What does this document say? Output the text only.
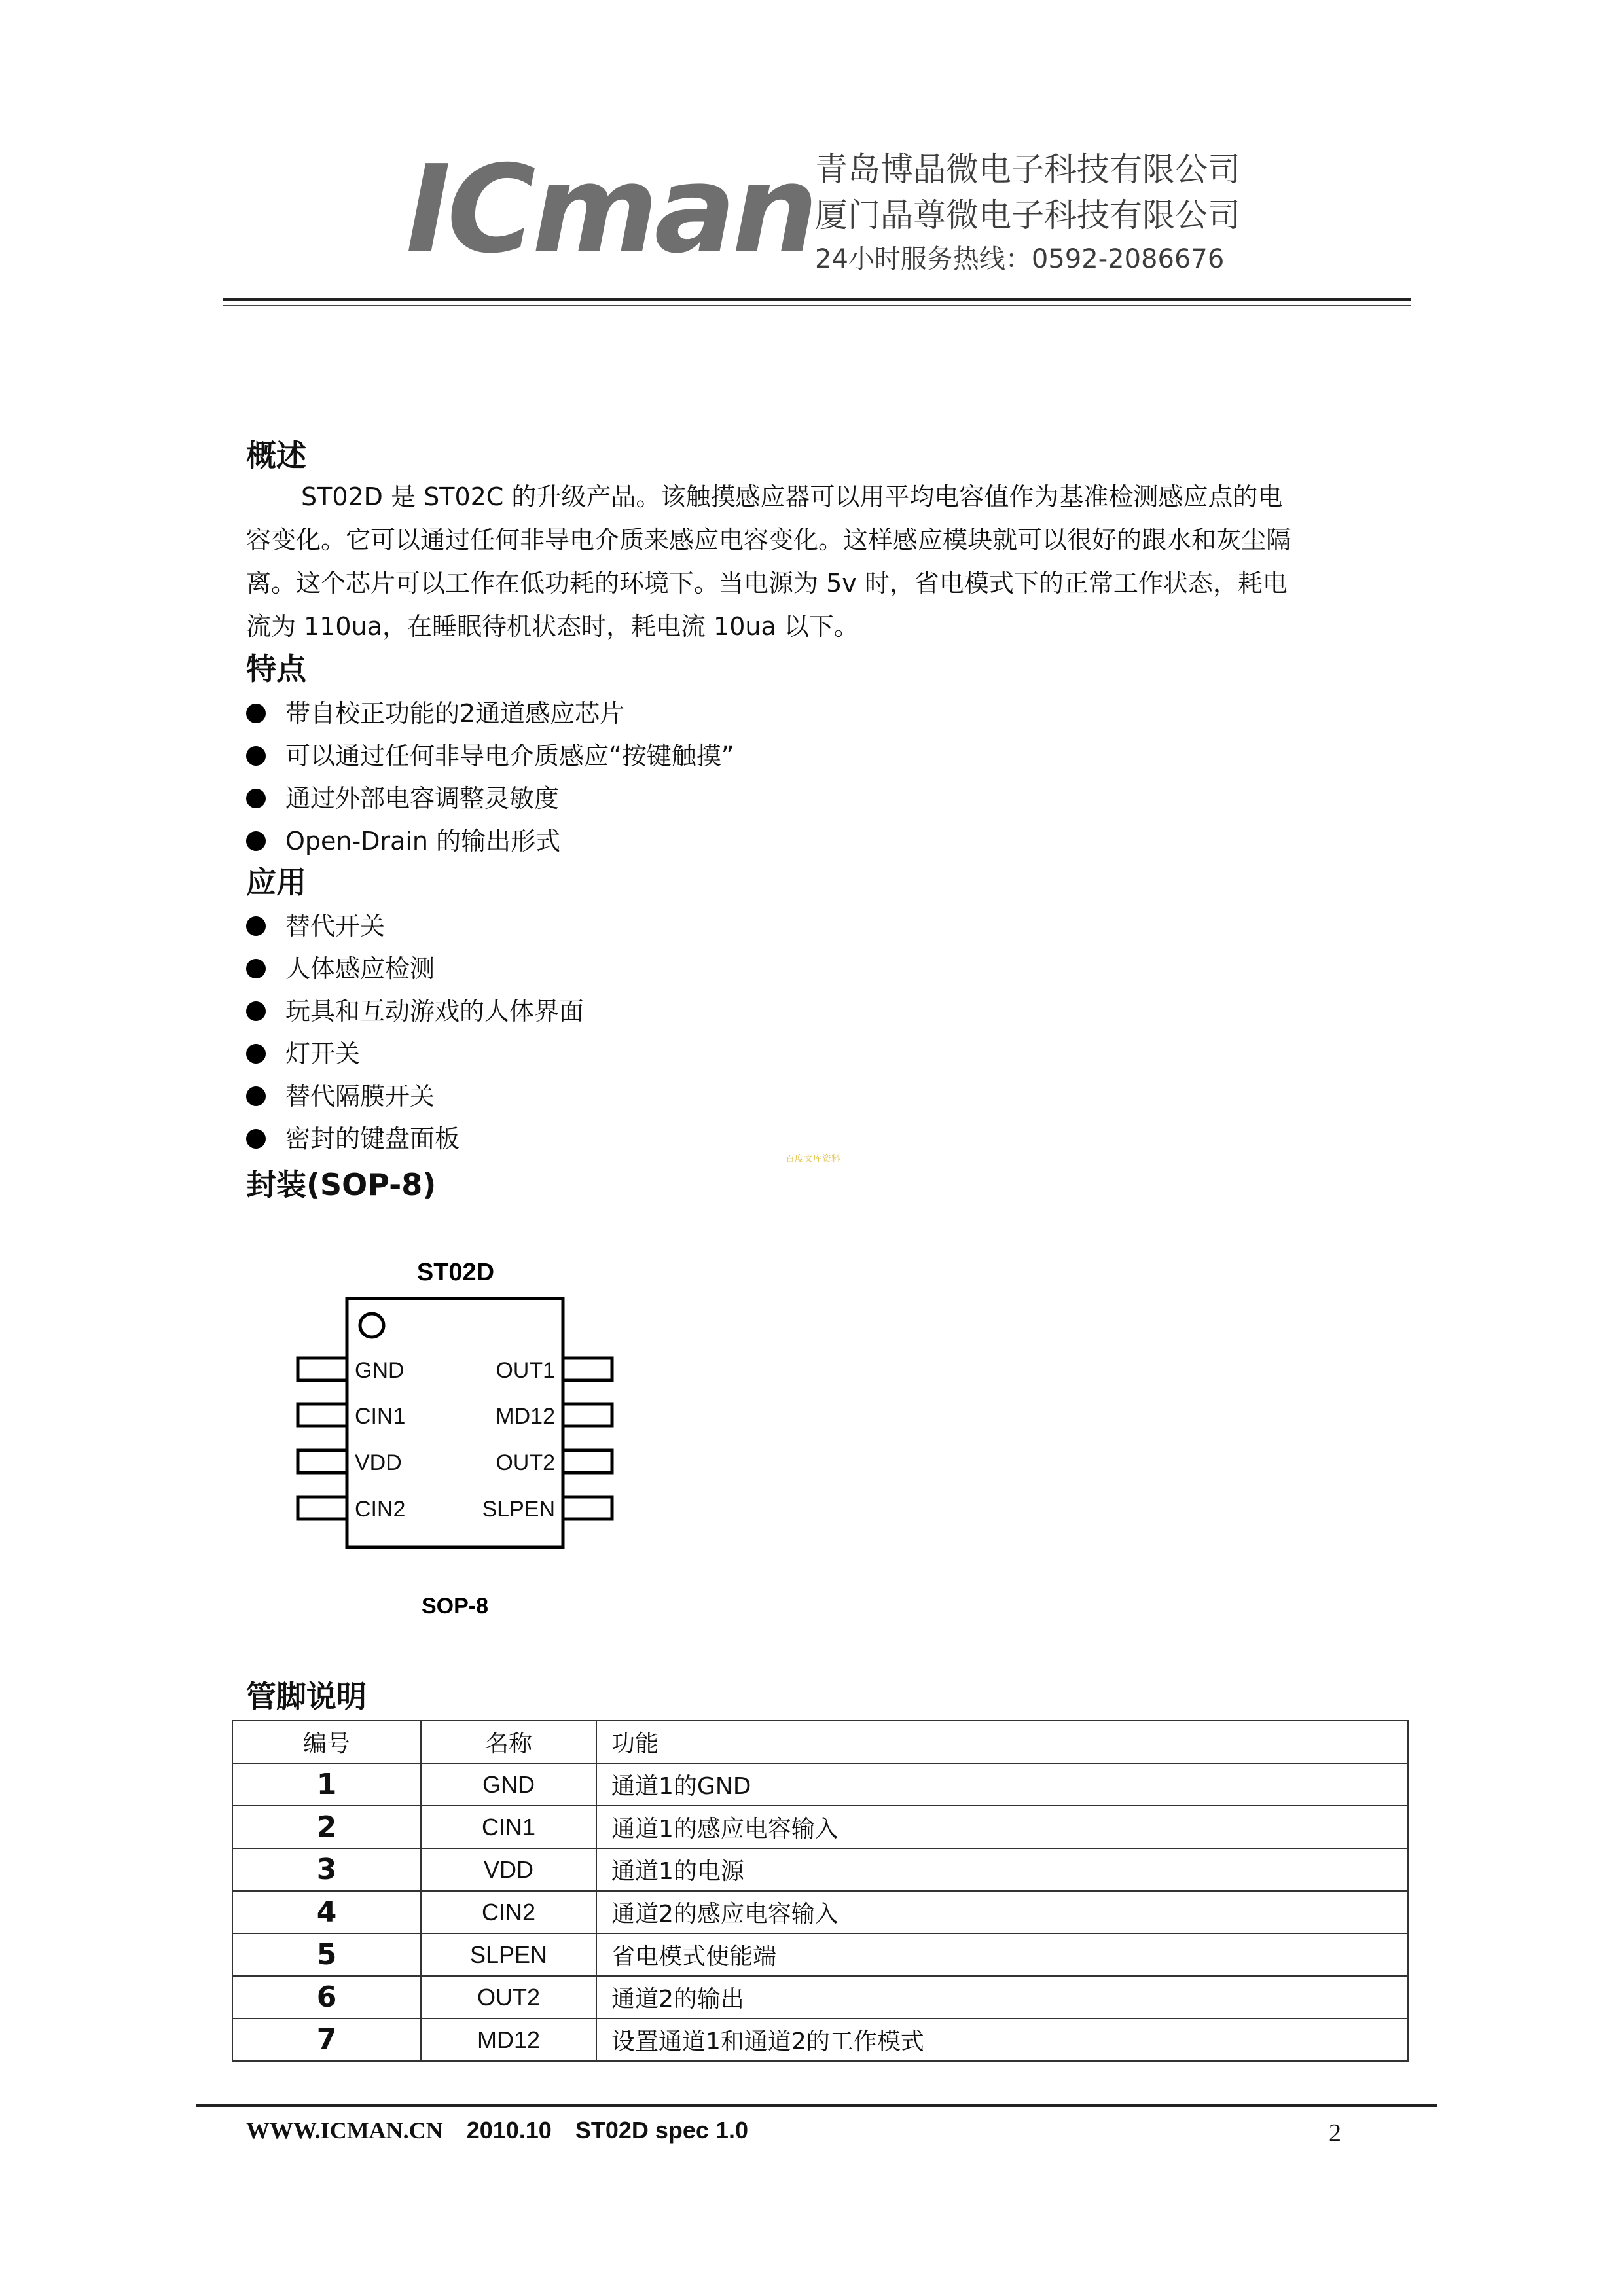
ICman 青岛博晶微电子科技有限公司
厦门晶尊微电子科技有限公司
24小时服务热线：0592-2086676
概述
ST02D 是 ST02C 的升级产品。该触摸感应器可以用平均电容值作为基准检测感应点的电
容变化。它可以通过任何非导电介质来感应电容变化。这样感应模块就可以很好的跟水和灰尘隔
离。这个芯片可以工作在低功耗的环境下。当电源为 5v 时，省电模式下的正常工作状态，耗电
流为 110ua，在睡眠待机状态时，耗电流 10ua 以下。
特点
带自校正功能的2通道感应芯片
可以通过任何非导电介质感应“按键触摸”
通过外部电容调整灵敏度
Open-Drain 的输出形式
应用
替代开关
人体感应检测
玩具和互动游戏的人体界面
灯开关
替代隔膜开关
密封的键盘面板
百度文库资料
封装(SOP-8)
ST02D
GND
CIN1
VDD
CIN2
OUT1
MD12
OUT2
SLPEN
SOP-8
管脚说明
编号	名称	功能
1	GND	通道1的GND
2	CIN1	通道1的感应电容输入
3	VDD	通道1的电源
4	CIN2	通道2的感应电容输入
5	SLPEN	省电模式使能端
6	OUT2	通道2的输出
7	MD12	设置通道1和通道2的工作模式
WWW.ICMAN.CN 2010.10 ST02D spec 1.0	2
